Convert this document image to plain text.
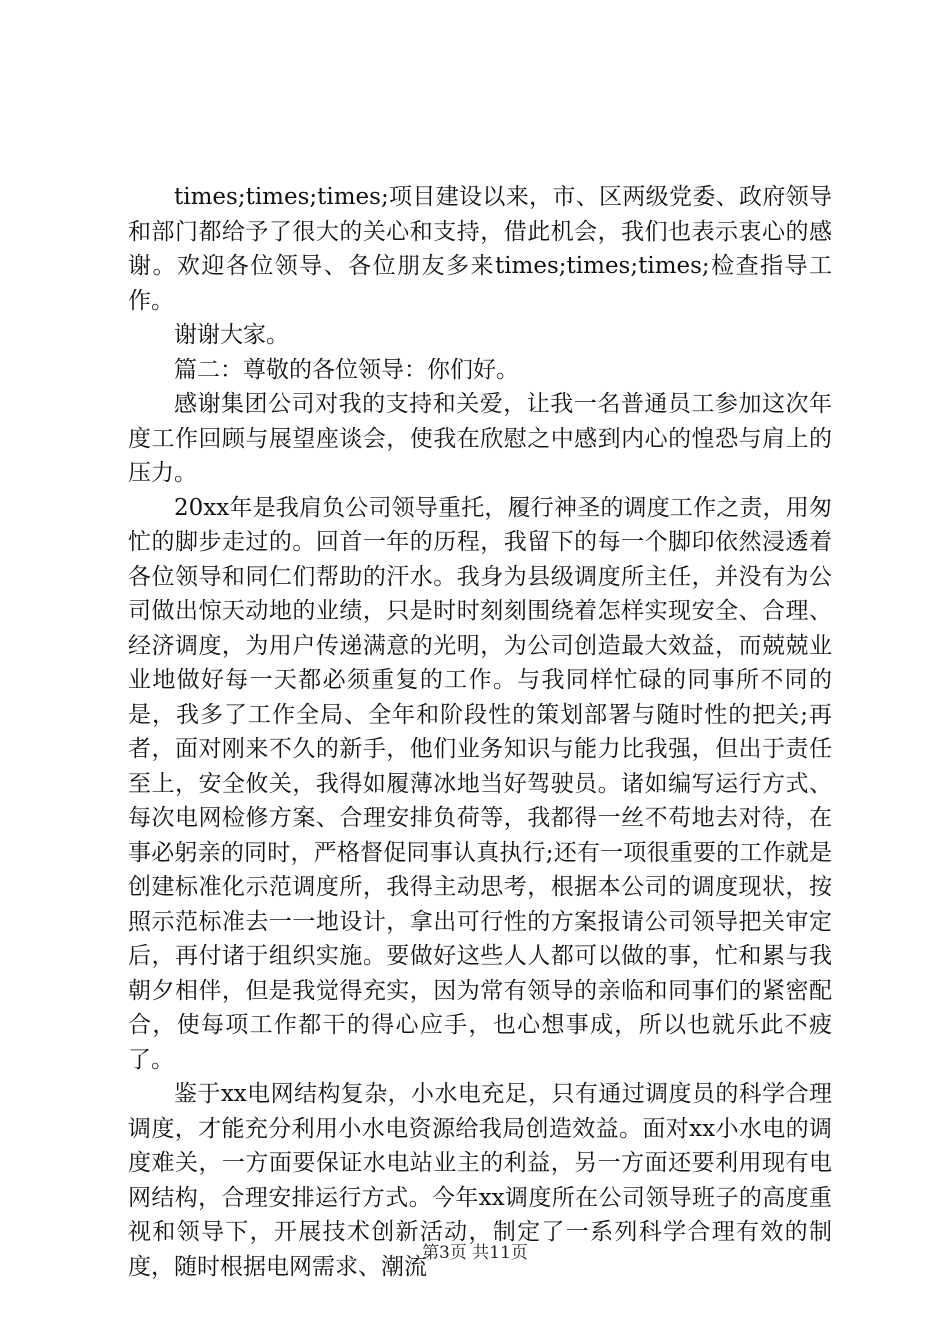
times;times;times;项目建设以来，市、区两级党委、政府领导和部门都给予了很大的关心和支持，借此机会，我们也表示衷心的感谢。欢迎各位领导、各位朋友多来times;times;times;检查指导工作。

谢谢大家。

篇二：尊敬的各位领导：你们好。

感谢集团公司对我的支持和关爱，让我一名普通员工参加这次年度工作回顾与展望座谈会，使我在欣慰之中感到内心的惶恐与肩上的压力。

20xx年是我肩负公司领导重托，履行神圣的调度工作之责，用匆忙的脚步走过的。回首一年的历程，我留下的每一个脚印依然浸透着各位领导和同仁们帮助的汗水。我身为县级调度所主任，并没有为公司做出惊天动地的业绩，只是时时刻刻围绕着怎样实现安全、合理、经济调度，为用户传递满意的光明，为公司创造最大效益，而兢兢业业地做好每一天都必须重复的工作。与我同样忙碌的同事所不同的是，我多了工作全局、全年和阶段性的策划部署与随时性的把关;再者，面对刚来不久的新手，他们业务知识与能力比我强，但出于责任至上，安全攸关，我得如履薄冰地当好驾驶员。诸如编写运行方式、每次电网检修方案、合理安排负荷等，我都得一丝不苟地去对待，在事必躬亲的同时，严格督促同事认真执行;还有一项很重要的工作就是创建标准化示范调度所，我得主动思考，根据本公司的调度现状，按照示范标准去一一地设计，拿出可行性的方案报请公司领导把关审定后，再付诸于组织实施。要做好这些人人都可以做的事，忙和累与我朝夕相伴，但是我觉得充实，因为常有领导的亲临和同事们的紧密配合，使每项工作都干的得心应手，也心想事成，所以也就乐此不疲了。

鉴于xx电网结构复杂，小水电充足，只有通过调度员的科学合理调度，才能充分利用小水电资源给我局创造效益。面对xx小水电的调度难关，一方面要保证水电站业主的利益，另一方面还要利用现有电网结构，合理安排运行方式。今年xx调度所在公司领导班子的高度重视和领导下，开展技术创新活动，制定了一系列科学合理有效的制度，随时根据电网需求、潮流

第3页 共11页
